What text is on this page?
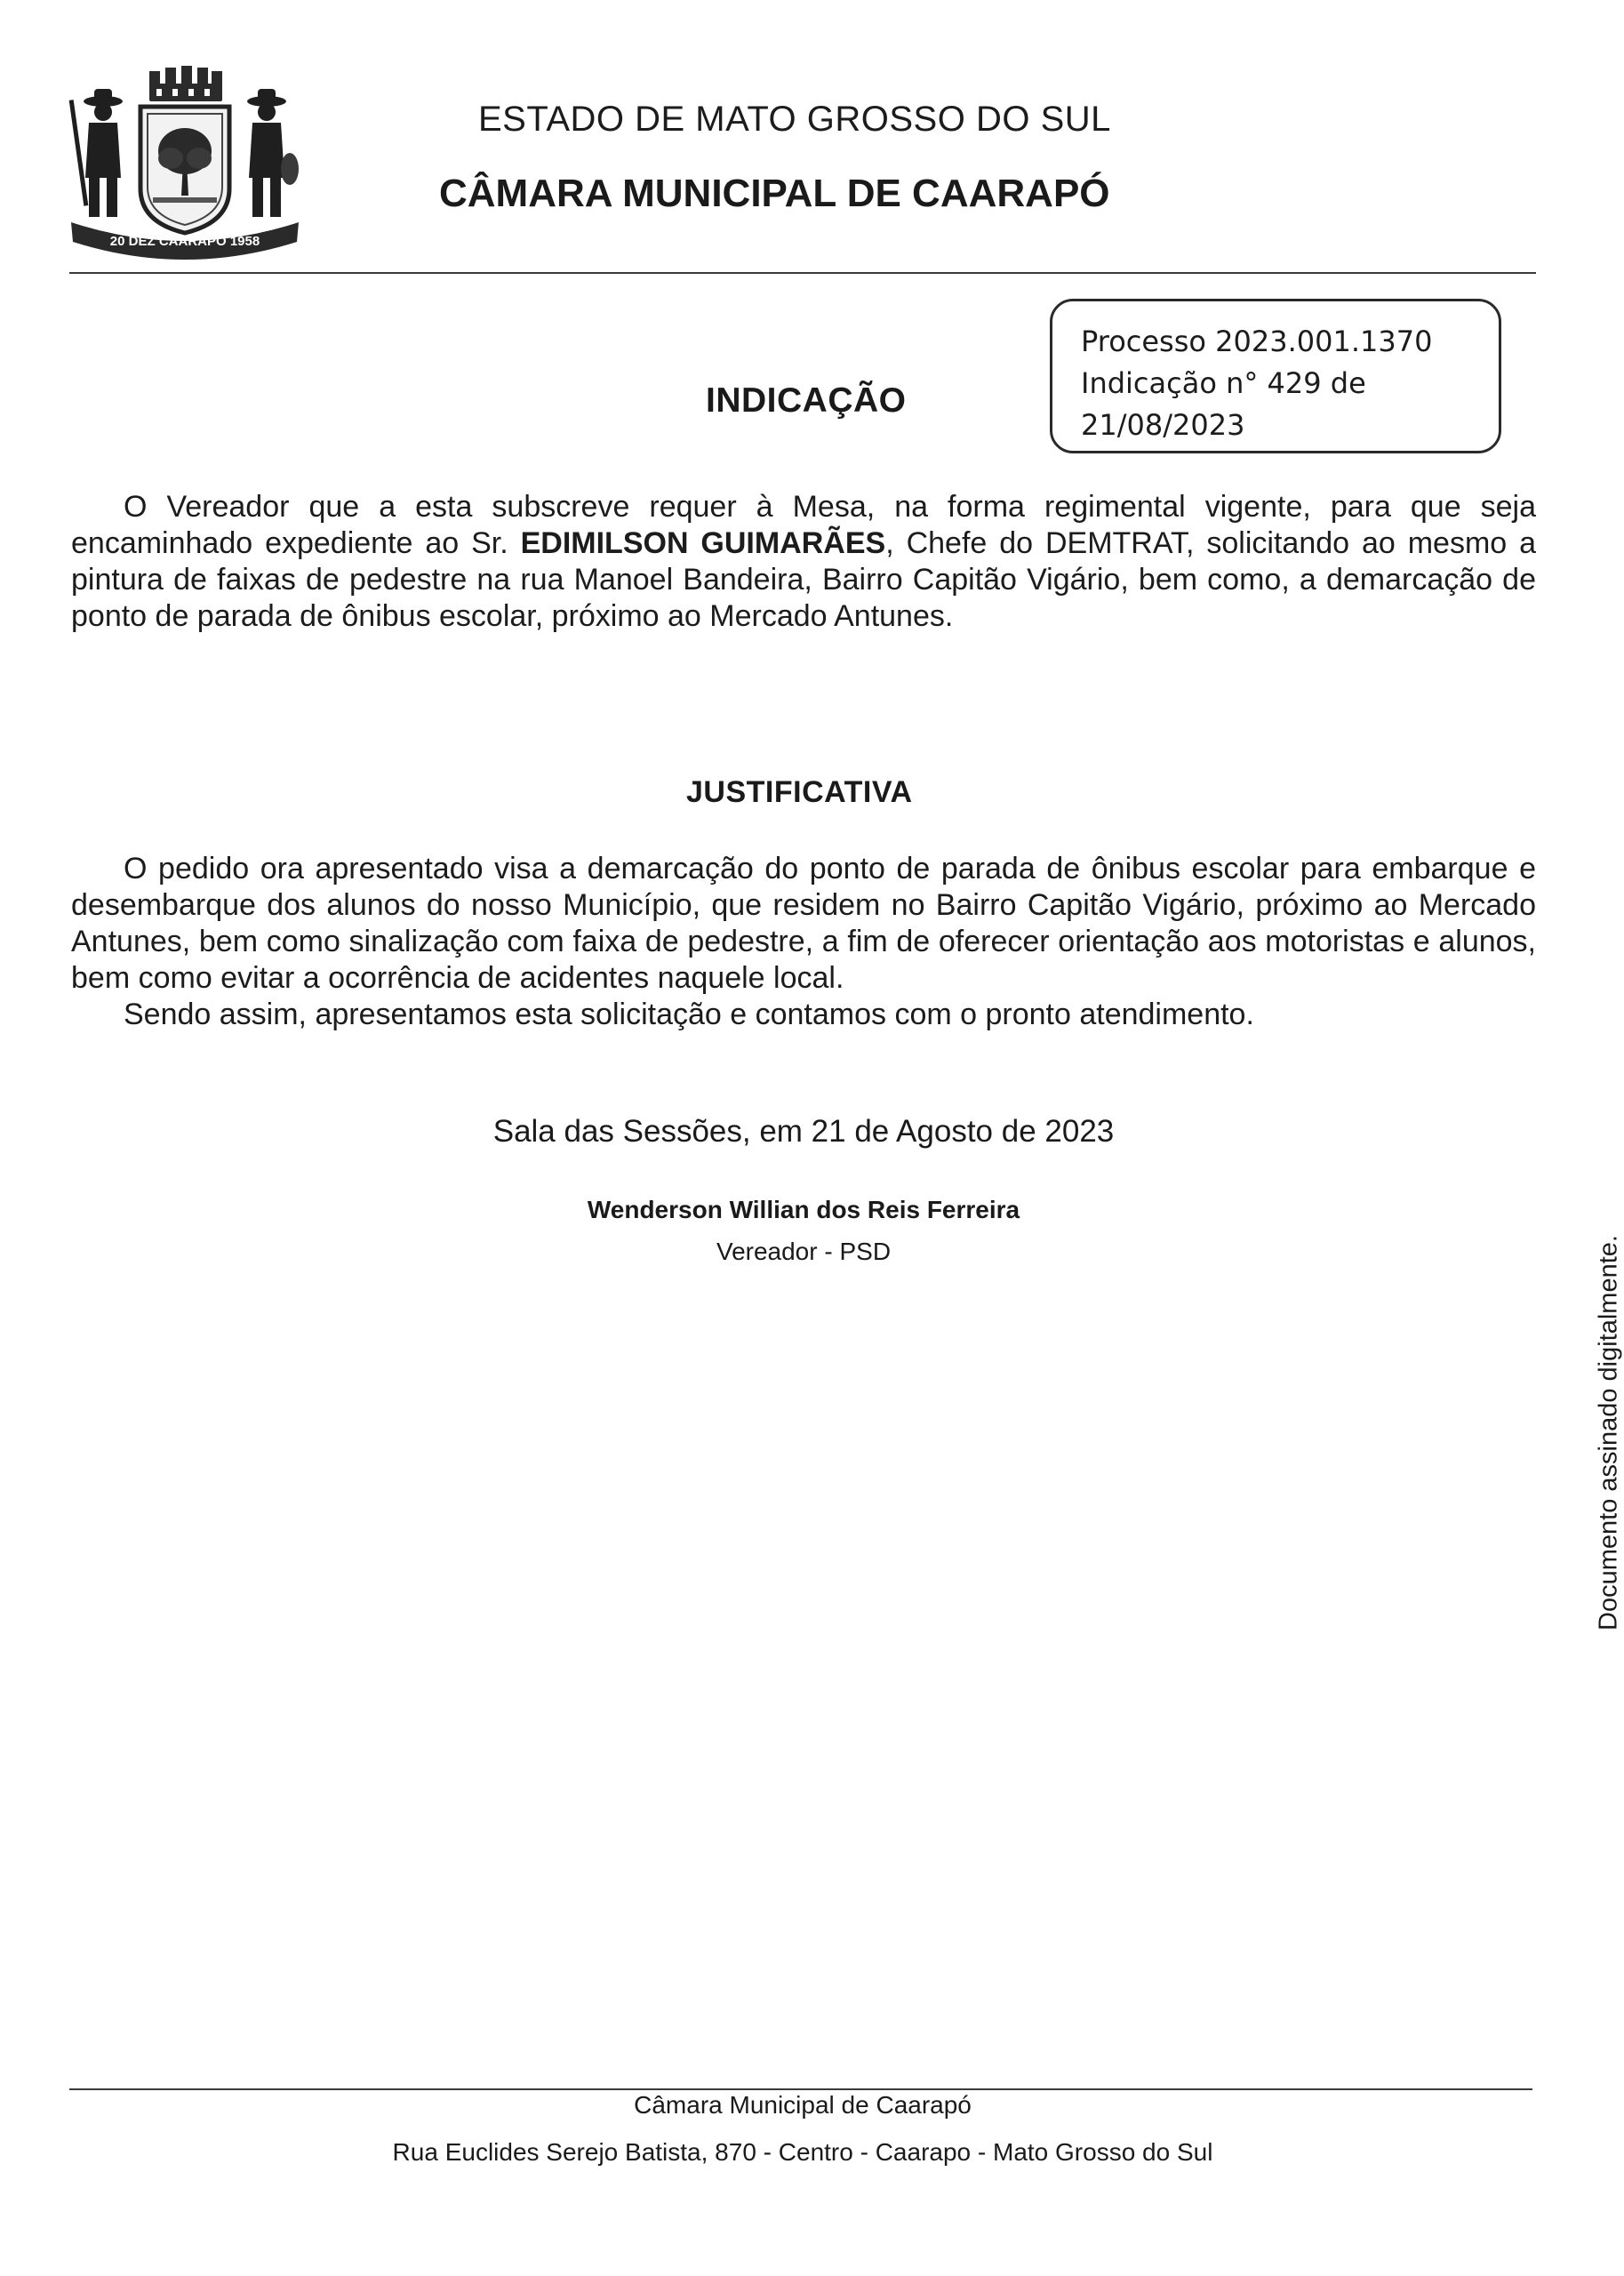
20 DEZ CAARAPÓ 1958
ESTADO DE MATO GROSSO DO SUL
CÂMARA MUNICIPAL DE CAARAPÓ
Processo 2023.001.1370
Indicação n° 429 de
21/08/2023
INDICAÇÃO

O Vereador que a esta subscreve requer à Mesa, na forma regimental vigente, para que seja encaminhado expediente ao Sr. EDIMILSON GUIMARÃES, Chefe do DEMTRAT, solicitando ao mesmo a pintura de faixas de pedestre na rua Manoel Bandeira, Bairro Capitão Vigário, bem como, a demarcação de ponto de parada de ônibus escolar, próximo ao Mercado Antunes.

JUSTIFICATIVA

O pedido ora apresentado visa a demarcação do ponto de parada de ônibus escolar para embarque e desembarque dos alunos do nosso Município, que residem no Bairro Capitão Vigário, próximo ao Mercado Antunes, bem como sinalização com faixa de pedestre, a fim de oferecer orientação aos motoristas e alunos, bem como evitar a ocorrência de acidentes naquele local.

Sendo assim, apresentamos esta solicitação e contamos com o pronto atendimento.

Sala das Sessões, em 21 de Agosto de 2023
Wenderson Willian dos Reis Ferreira
Vereador - PSD	Documento assinado digitalmente.
Câmara Municipal de Caarapó
Rua Euclides Serejo Batista, 870 - Centro - Caarapo - Mato Grosso do Sul
